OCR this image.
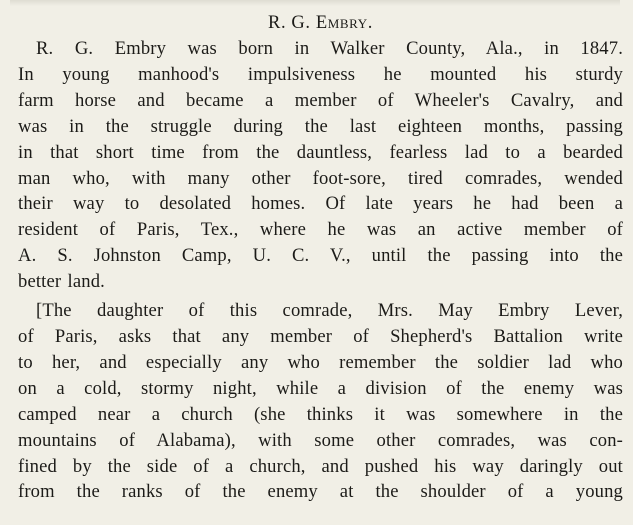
R. G. Embry.

R. G. Embry was born in Walker County, Ala., in 1847.
In young manhood's impulsiveness he mounted his sturdy
farm horse and became a member of Wheeler's Cavalry, and
was in the struggle during the last eighteen months, passing
in that short time from the dauntless, fearless lad to a bearded
man who, with many other foot-sore, tired comrades, wended
their way to desolated homes. Of late years he had been a
resident of Paris, Tex., where he was an active member of
A. S. Johnston Camp, U. C. V., until the passing into the
better land.

[The daughter of this comrade, Mrs. May Embry Lever,
of Paris, asks that any member of Shepherd's Battalion write
to her, and especially any who remember the soldier lad who
on a cold, stormy night, while a division of the enemy was
camped near a church (she thinks it was somewhere in the
mountains of Alabama), with some other comrades, was con-
fined by the side of a church, and pushed his way daringly out
from the ranks of the enemy at the shoulder of a young
